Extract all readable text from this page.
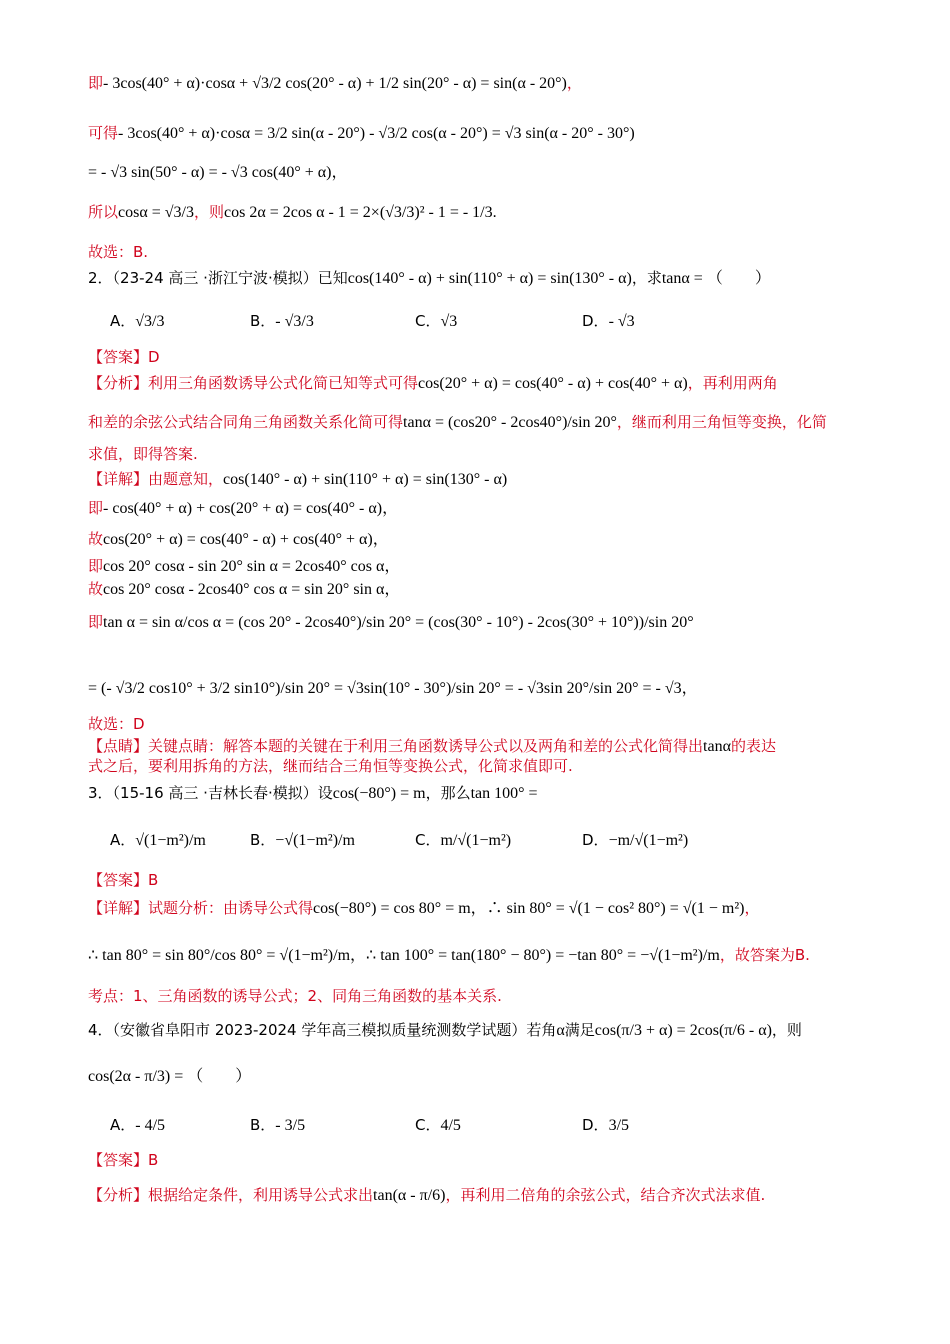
即- 3cos(40° + α)·cosα + √3/2 cos(20° - α) + 1/2 sin(20° - α) = sin(α - 20°)，
可得- 3cos(40° + α)·cosα = 3/2 sin(α - 20°) - √3/2 cos(α - 20°) = √3 sin(α - 20° - 30°)
= - √3 sin(50° - α) = - √3 cos(40° + α)，
所以cosα = √3/3，则cos 2α = 2cos α - 1 = 2×(√3/3)² - 1 = - 1/3.
故选：B.
2．（23-24 高三 ·浙江宁波·模拟）已知cos(140° - α) + sin(110° + α) = sin(130° - α)，求tanα = （　　）
A．√3/3	B．- √3/3	C．√3	D．- √3
【答案】D
【分析】利用三角函数诱导公式化简已知等式可得cos(20° + α) = cos(40° - α) + cos(40° + α)，再利用两角
和差的余弦公式结合同角三角函数关系化简可得tanα = (cos20° - 2cos40°)/sin 20°，继而利用三角恒等变换，化简
求值，即得答案.
【详解】由题意知，cos(140° - α) + sin(110° + α) = sin(130° - α)
即- cos(40° + α) + cos(20° + α) = cos(40° - α)，
故cos(20° + α) = cos(40° - α) + cos(40° + α)，
即cos 20° cosα - sin 20° sin α = 2cos40° cos α，
故cos 20° cosα - 2cos40° cos α = sin 20° sin α，
即tan α = sin α/cos α = (cos 20° - 2cos40°)/sin 20° = (cos(30° - 10°) - 2cos(30° + 10°))/sin 20°
= (- √3/2 cos10° + 3/2 sin10°)/sin 20° = √3sin(10° - 30°)/sin 20° = - √3sin 20°/sin 20° = - √3，
故选：D
【点睛】关键点睛：解答本题的关键在于利用三角函数诱导公式以及两角和差的公式化简得出tanα的表达
式之后，要利用拆角的方法，继而结合三角恒等变换公式，化简求值即可.
3．（15-16 高三 ·吉林长春·模拟）设cos(−80°) = m，那么tan 100° =
A．√(1−m²)/m	B．−√(1−m²)/m	C．m/√(1−m²)	D．−m/√(1−m²)
【答案】B
【详解】试题分析：由诱导公式得cos(−80°) = cos 80° = m，∴ sin 80° = √(1 − cos² 80°) = √(1 − m²)，
∴ tan 80° = sin 80°/cos 80° = √(1−m²)/m，∴ tan 100° = tan(180° − 80°) = −tan 80° = −√(1−m²)/m，故答案为B.
考点：1、三角函数的诱导公式；2、同角三角函数的基本关系.
4．（安徽省阜阳市 2023-2024 学年高三模拟质量统测数学试题）若角α满足cos(π/3 + α) = 2cos(π/6 - α)，则
cos(2α - π/3) = （　　）
A．- 4/5	B．- 3/5	C．4/5	D．3/5
【答案】B
【分析】根据给定条件，利用诱导公式求出tan(α - π/6)，再利用二倍角的余弦公式，结合齐次式法求值.
